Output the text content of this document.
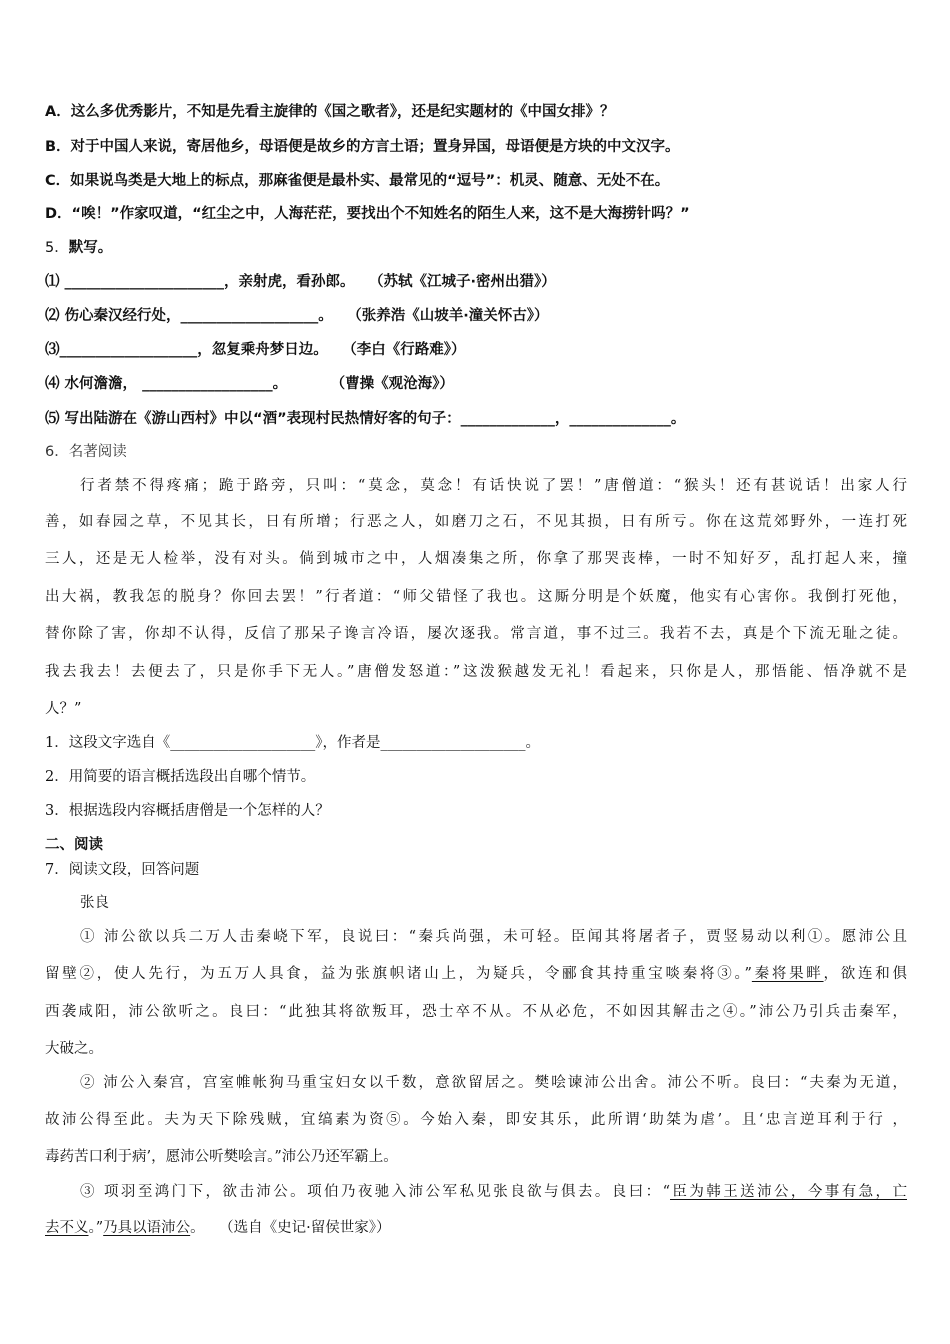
A．这么多优秀影片，不知是先看主旋律的《国之歌者》，还是纪实题材的《中国女排》？
B．对于中国人来说，寄居他乡，母语便是故乡的方言土语；置身异国，母语便是方块的中文汉字。
C．如果说鸟类是大地上的标点，那麻雀便是最朴实、最常见的“逗号”：机灵、随意、无处不在。
D．“唉！”作家叹道，“红尘之中，人海茫茫，要找出个不知姓名的陌生人来，这不是大海捞针吗？”
5．默写。
⑴ ______________________，亲射虎，看孙郎。　　（苏轼《江城子·密州出猎》）
⑵ 伤心秦汉经行处，___________________。　　（张养浩《山坡羊·潼关怀古》）
⑶___________________，忽复乘舟梦日边。　　（李白《行路难》）
⑷ 水何澹澹， __________________。　　　　（曹操《观沧海》）
⑸ 写出陆游在《游山西村》中以“酒”表现村民热情好客的句子：_____________，______________。
6．名著阅读
行者禁不得疼痛；跪于路旁，只叫：“莫念，莫念！有话快说了罢！”唐僧道：“猴头！还有甚说话！出家人行
善，如春园之草，不见其长，日有所增；行恶之人，如磨刀之石，不见其损，日有所亏。你在这荒郊野外，一连打死
三人，还是无人检举，没有对头。倘到城市之中，人烟凑集之所，你拿了那哭丧棒，一时不知好歹，乱打起人来，撞
出大祸，教我怎的脱身？你回去罢！”行者道：“师父错怪了我也。这厮分明是个妖魔，他实有心害你。我倒打死他，
替你除了害，你却不认得，反信了那呆子谗言冷语，屡次逐我。常言道，事不过三。我若不去，真是个下流无耻之徒。
我去我去！去便去了，只是你手下无人。”唐僧发怒道：”这泼猴越发无礼！看起来，只你是人，那悟能、悟净就不是
人？”
1．这段文字选自《____________________》，作者是____________________。
2．用简要的语言概括选段出自哪个情节。
3．根据选段内容概括唐僧是一个怎样的人？
二、阅读
7．阅读文段，回答问题
张良
① 沛公欲以兵二万人击秦峣下军，良说曰：“秦兵尚强，未可轻。臣闻其将屠者子，贾竖易动以利①。愿沛公且
留壁②，使人先行，为五万人具食，益为张旗帜诸山上，为疑兵，令郦食其持重宝啖秦将③。”秦将果畔，欲连和俱
西袭咸阳，沛公欲听之。良曰：“此独其将欲叛耳，恐士卒不从。不从必危，不如因其解击之④。”沛公乃引兵击秦军，
大破之。
② 沛公入秦宫，宫室帷帐狗马重宝妇女以千数，意欲留居之。樊哙谏沛公出舍。沛公不听。良曰：“夫秦为无道，
故沛公得至此。夫为天下除残贼，宜缟素为资⑤。今始入秦，即安其乐，此所谓‘助桀为虐’。且‘忠言逆耳利于行 ，
毒药苦口利于病’，愿沛公听樊哙言。”沛公乃还军霸上。
③ 项羽至鸿门下，欲击沛公。项伯乃夜驰入沛公军私见张良欲与俱去。良曰：“臣为韩王送沛公，今事有急，亡
去不义。”乃具以语沛公。　　（选自《史记·留侯世家》）
